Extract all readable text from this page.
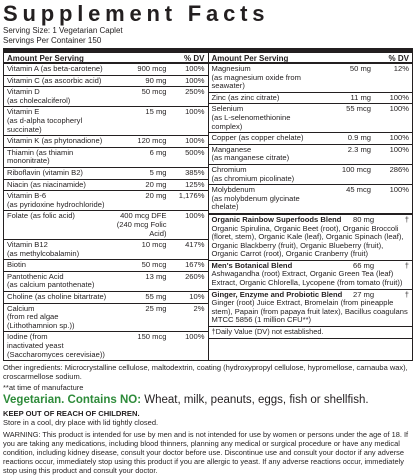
Supplement Facts
Serving Size: 1 Vegetarian Caplet
Servings Per Container 150
Amount Per Serving	% DV
Vitamin A (as beta-carotene)	900 mcg	100%
Vitamin C (as ascorbic acid)	90 mg	100%
Vitamin D
(as cholecalciferol)
50 mcg	250%
Vitamin E
(as d-alpha tocopheryl succinate)
15 mg	100%
Vitamin K (as phytonadione)	120 mcg	100%
Thiamin (as thiamin mononitrate)
6 mg	500%
Riboflavin (vitamin B2)	5 mg	385%
Niacin (as niacinamide)	20 mg	125%
Vitamin B-6
(as pyridoxine hydrochloride)
20 mg	1,176%
Folate (as folic acid)	400 mcg DFE
(240 mcg Folic Acid)
100%
Vitamin B12
(as methylcobalamin)
10 mcg	417%
Biotin	50 mcg	167%
Pantothenic Acid
(as calcium pantothenate)
13 mg	260%
Choline (as choline bitartrate)	55 mg	10%
Calcium
(from red algae (Lithothamnion sp.))
25 mg	2%
Iodine (from
inactivated yeast (Saccharomyces cerevisiae))
150 mcg	100%
Amount Per Serving	% DV
Magnesium
(as magnesium oxide from seawater)
50 mg	12%
Zinc (as zinc citrate)	11 mg	100%
Selenium
(as L-selenomethionine complex)
55 mcg	100%
Copper (as copper chelate)	0.9 mg	100%
Manganese
(as manganese citrate)
2.3 mg	100%
Chromium
(as chromium picolinate)
100 mcg	286%
Molybdenum
(as molybdenum glycinate chelate)
45 mcg	100%
Organic Rainbow Superfoods Blend	80 mg	†
Organic Spirulina, Organic Beet (root), Organic Broccoli (floret, stem), Organic Kale (leaf), Organic Spinach (leaf), Organic Blackberry (fruit), Organic Blueberry (fruit), Organic Carrot (root), Organic Cranberry (fruit)
Men's Botanical Blend	66 mg	†
Ashwagandha (root) Extract, Organic Green Tea (leaf) Extract, Organic Chlorella, Lycopene (from tomato (fruit))
Ginger, Enzyme and Probiotic Blend	27 mg	†
Ginger (root) Juice Extract, Bromelain (from pineapple stem), Papain (from papaya fruit latex), Bacillus coagulans MTCC 5856 (1 million CFU**)
†Daily Value (DV) not established.
Other ingredients: Microcrystalline cellulose, maltodextrin, coating (hydroxypropyl cellulose, hypromellose, carnauba wax), croscarmellose sodium.
**at time of manufacture
Vegetarian. Contains NO: Wheat, milk, peanuts, eggs, fish or shellfish.
KEEP OUT OF REACH OF CHILDREN.
Store in a cool, dry place with lid tightly closed.
WARNING: This product is intended for use by men and is not intended for use by women or persons under the age of 18. If you are taking any medications, including blood thinners, planning any medical or surgical procedure or have any medical condition, including kidney disease, consult your doctor before use. Discontinue use and consult your doctor if any adverse reactions occur, immediately stop using this product if you are allergic to yeast. If any adverse reactions occur, immediately stop using this product and consult your doctor.
